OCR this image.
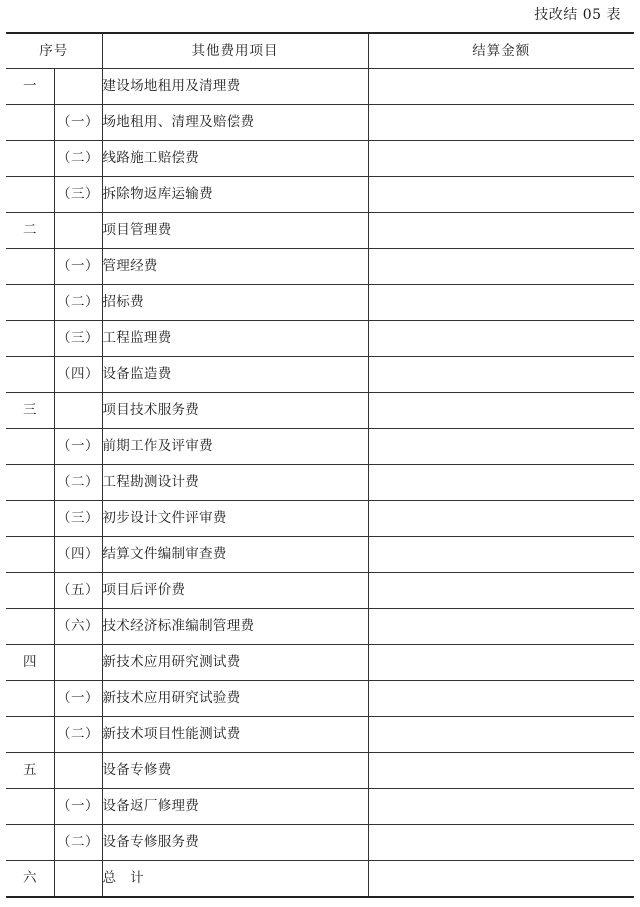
技改结 05 表
序号		其他费用项目	结算金额
一		建设场地租用及清理费	
	（一）	场地租用、清理及赔偿费	
	（二）	线路施工赔偿费	
	（三）	拆除物返库运输费	
二		项目管理费	
	（一）	管理经费	
	（二）	招标费	
	（三）	工程监理费	
	（四）	设备监造费	
三		项目技术服务费	
	（一）	前期工作及评审费	
	（二）	工程勘测设计费	
	（三）	初步设计文件评审费	
	（四）	结算文件编制审查费	
	（五）	项目后评价费	
	（六）	技术经济标准编制管理费	
四		新技术应用研究测试费	
	（一）	新技术应用研究试验费	
	（二）	新技术项目性能测试费	
五		设备专修费	
	（一）	设备返厂修理费	
	（二）	设备专修服务费	
六		总　计	
